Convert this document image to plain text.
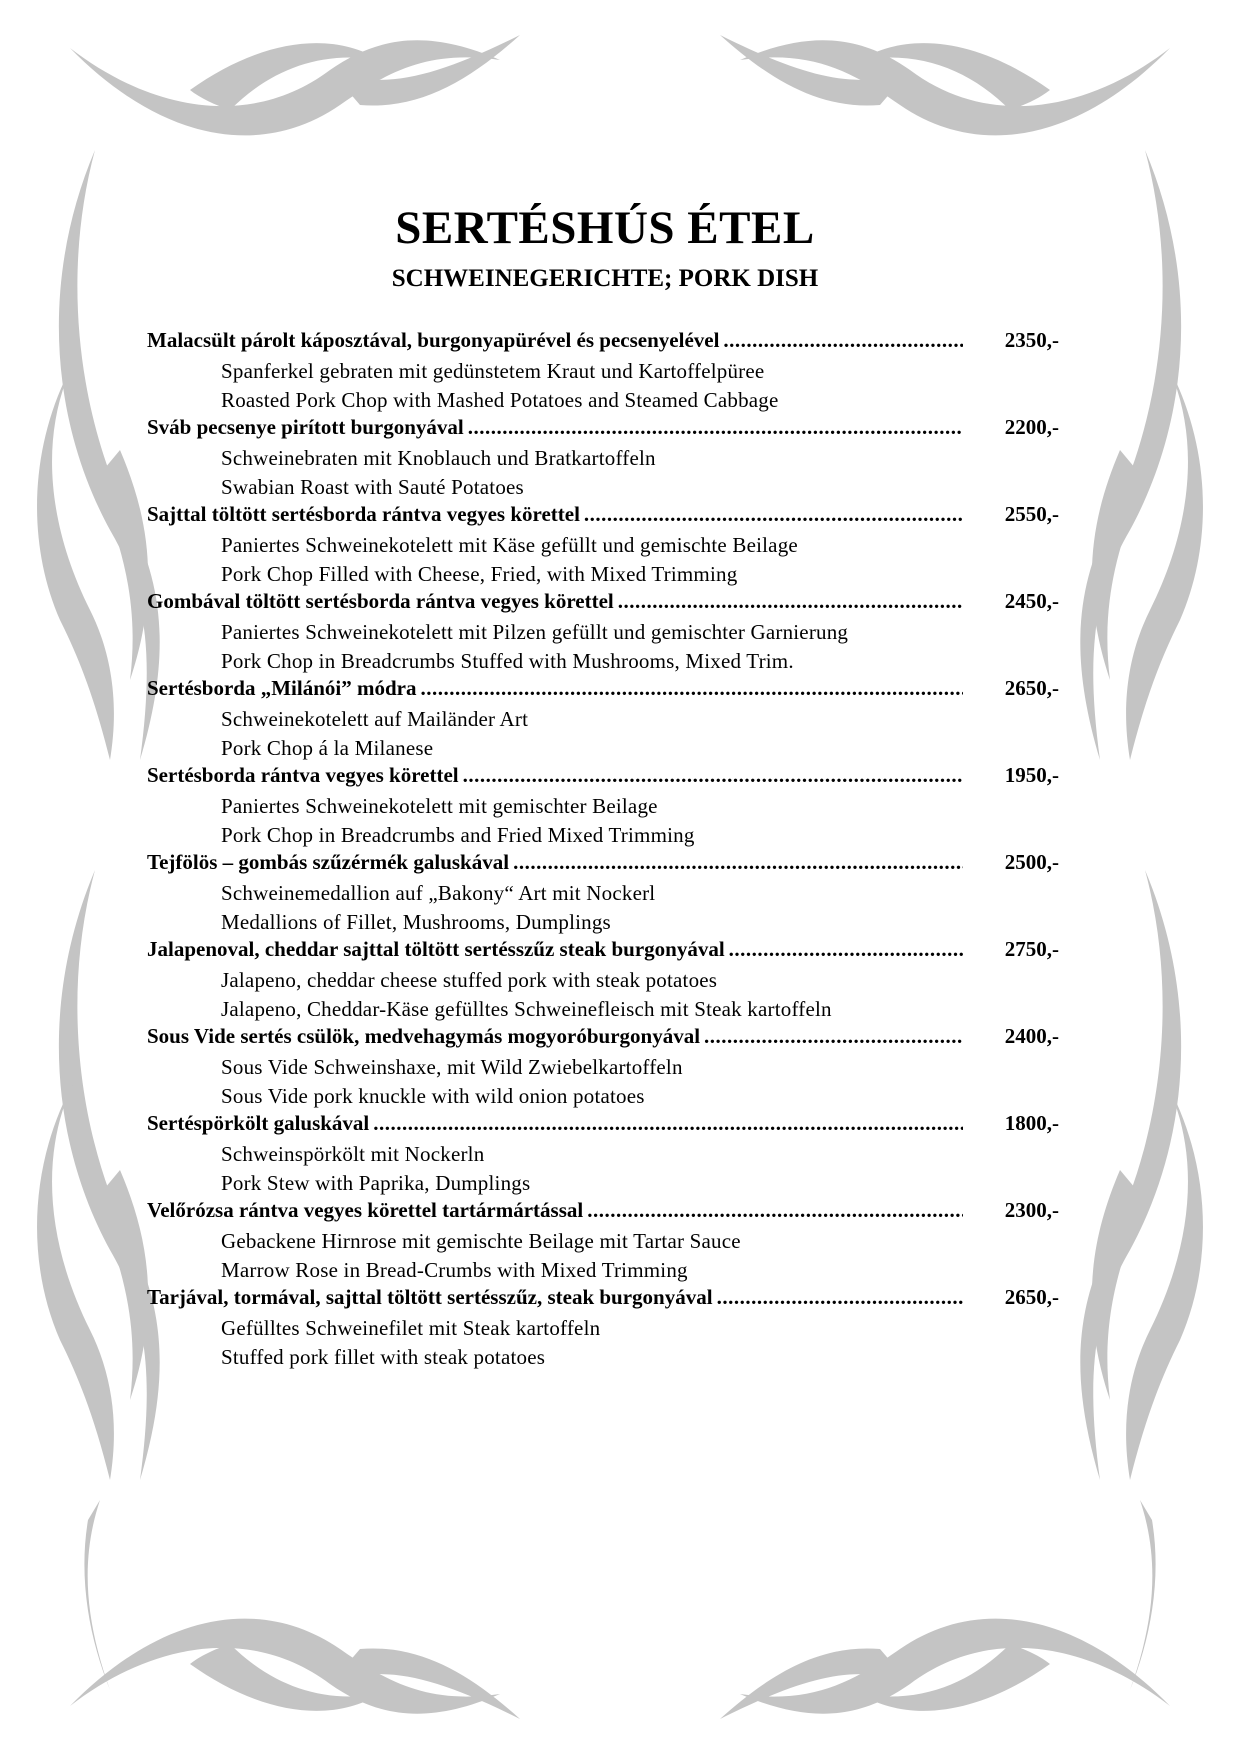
SERTÉSHÚS ÉTEL
SCHWEINEGERICHTE; PORK DISH
Malacsült párolt káposztával, burgonyapürével és pecsenyelével .....	2350,-
Spanferkel gebraten mit gedünstetem Kraut und Kartoffelpüree
Roasted Pork Chop with Mashed Potatoes and Steamed Cabbage
Sváb pecsenye pirított burgonyával .....	2200,-
Schweinebraten mit Knoblauch und Bratkartoffeln
Swabian Roast with Sauté Potatoes
Sajttal töltött sertésborda rántva vegyes körettel .....	2550,-
Paniertes Schweinekotelett mit Käse gefüllt und gemischte Beilage
Pork Chop Filled with Cheese, Fried, with Mixed Trimming
Gombával töltött sertésborda rántva vegyes körettel .....	2450,-
Paniertes Schweinekotelett mit Pilzen gefüllt und gemischter Garnierung
Pork Chop in Breadcrumbs Stuffed with Mushrooms, Mixed Trim.
Sertésborda „Milánói” módra .....	2650,-
Schweinekotelett auf Mailänder Art
Pork Chop á la Milanese
Sertésborda rántva vegyes körettel .....	1950,-
Paniertes Schweinekotelett mit gemischter Beilage
Pork Chop in Breadcrumbs and Fried Mixed Trimming
Tejfölös – gombás szűzérmék galuskával .....	2500,-
Schweinemedallion auf „Bakony“ Art mit Nockerl
Medallions of Fillet, Mushrooms, Dumplings
Jalapenoval, cheddar sajttal töltött sertésszűz steak burgonyával .....	2750,-
Jalapeno, cheddar cheese stuffed pork with steak potatoes
Jalapeno, Cheddar-Käse gefülltes Schweinefleisch mit Steak kartoffeln
Sous Vide sertés csülök, medvehagymás mogyoróburgonyával .....	2400,-
Sous Vide Schweinshaxe, mit Wild Zwiebelkartoffeln
Sous Vide pork knuckle with wild onion potatoes
Sertéspörkölt galuskával .....	1800,-
Schweinspörkölt mit Nockerln
Pork Stew with Paprika, Dumplings
Velőrózsa rántva vegyes körettel tartármártással .....	2300,-
Gebackene Hirnrose mit gemischte Beilage mit Tartar Sauce
Marrow Rose in Bread-Crumbs with Mixed Trimming
Tarjával, tormával, sajttal töltött sertésszűz, steak burgonyával .....	2650,-
Gefülltes Schweinefilet mit Steak kartoffeln
Stuffed pork fillet with steak potatoes
